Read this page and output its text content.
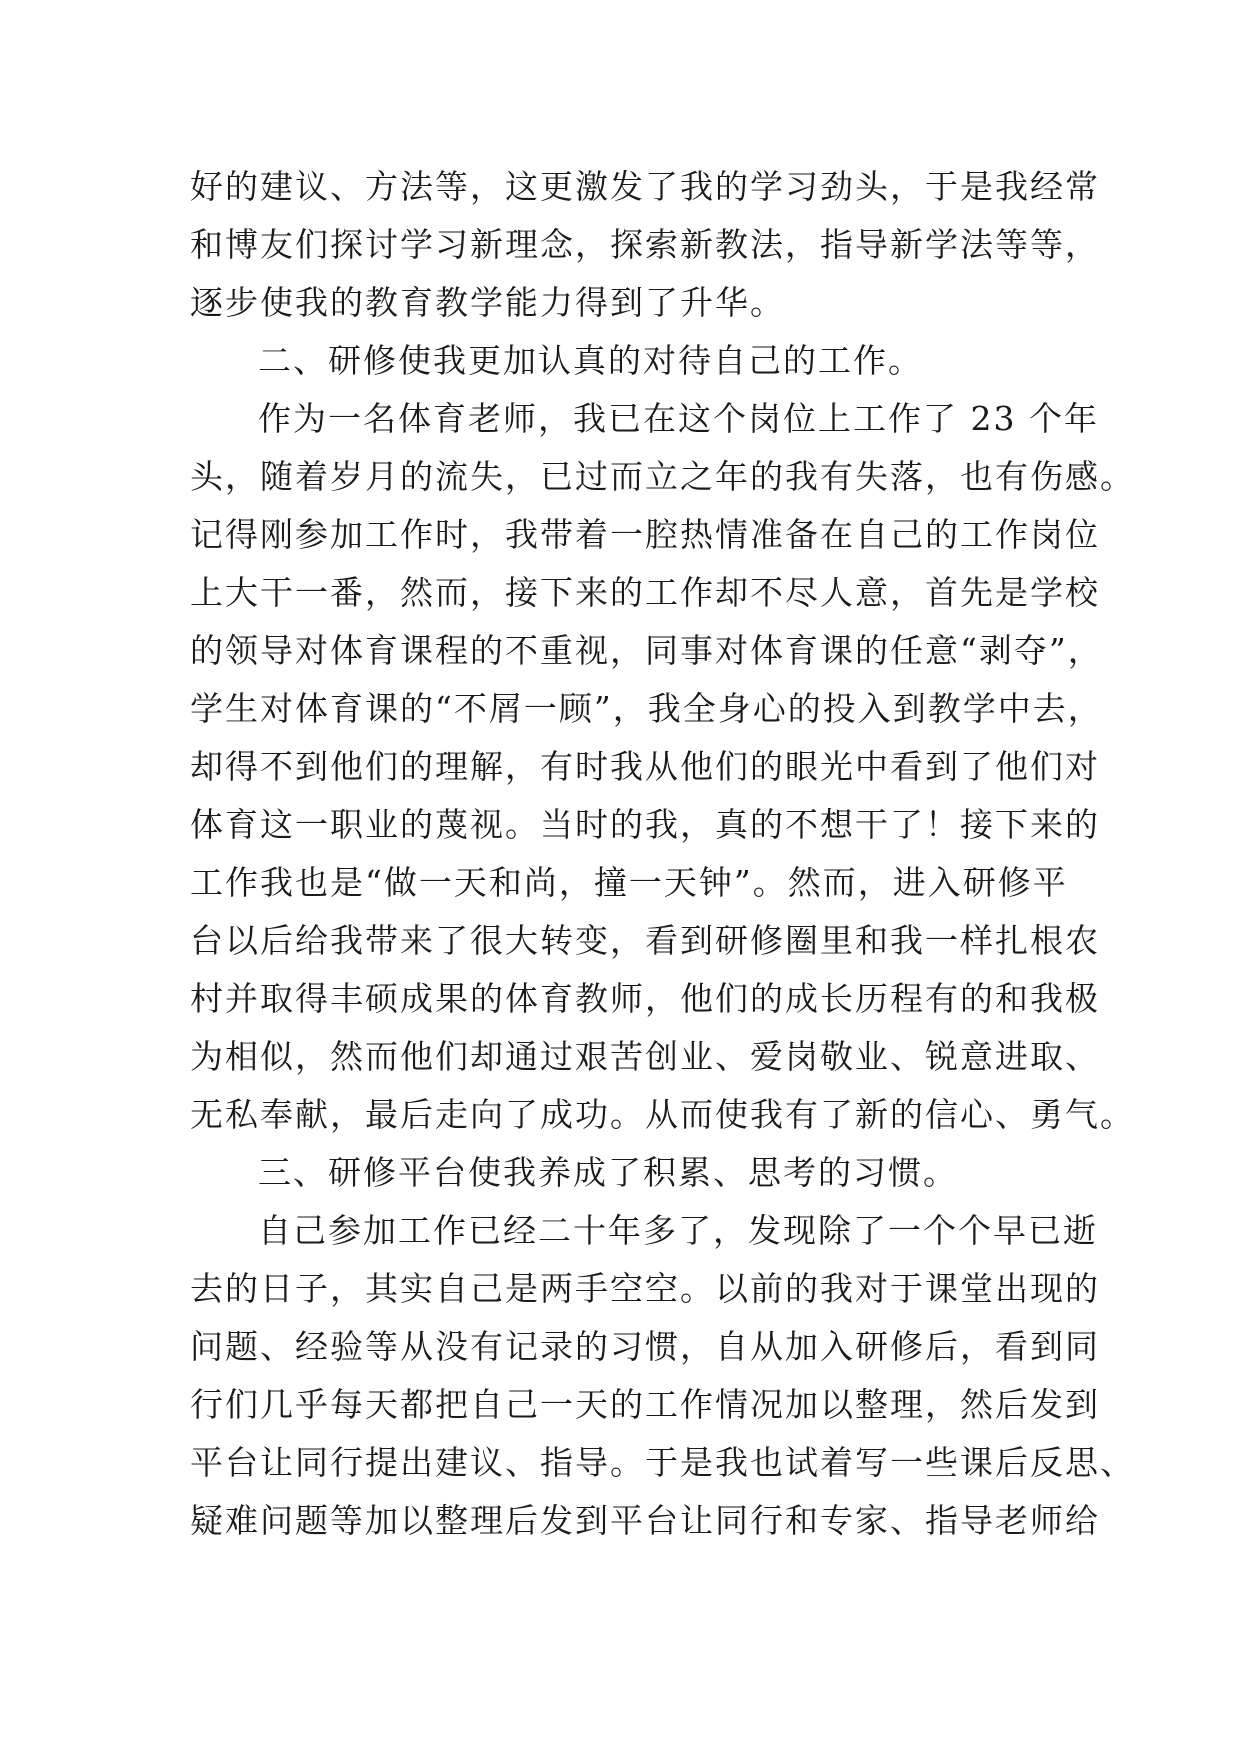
好的建议、方法等，这更激发了我的学习劲头，于是我经常
和博友们探讨学习新理念，探索新教法，指导新学法等等，
逐步使我的教育教学能力得到了升华。
二、研修使我更加认真的对待自己的工作。
作为一名体育老师，我已在这个岗位上工作了 23 个年
头，随着岁月的流失，已过而立之年的我有失落，也有伤感。
记得刚参加工作时，我带着一腔热情准备在自己的工作岗位
上大干一番，然而，接下来的工作却不尽人意，首先是学校
的领导对体育课程的不重视，同事对体育课的任意“剥夺”，
学生对体育课的“不屑一顾”，我全身心的投入到教学中去，
却得不到他们的理解，有时我从他们的眼光中看到了他们对
体育这一职业的蔑视。当时的我，真的不想干了！接下来的
工作我也是“做一天和尚，撞一天钟”。然而，进入研修平
台以后给我带来了很大转变，看到研修圈里和我一样扎根农
村并取得丰硕成果的体育教师，他们的成长历程有的和我极
为相似，然而他们却通过艰苦创业、爱岗敬业、锐意进取、
无私奉献，最后走向了成功。从而使我有了新的信心、勇气。
三、研修平台使我养成了积累、思考的习惯。
自己参加工作已经二十年多了，发现除了一个个早已逝
去的日子，其实自己是两手空空。以前的我对于课堂出现的
问题、经验等从没有记录的习惯，自从加入研修后，看到同
行们几乎每天都把自己一天的工作情况加以整理，然后发到
平台让同行提出建议、指导。于是我也试着写一些课后反思、
疑难问题等加以整理后发到平台让同行和专家、指导老师给
